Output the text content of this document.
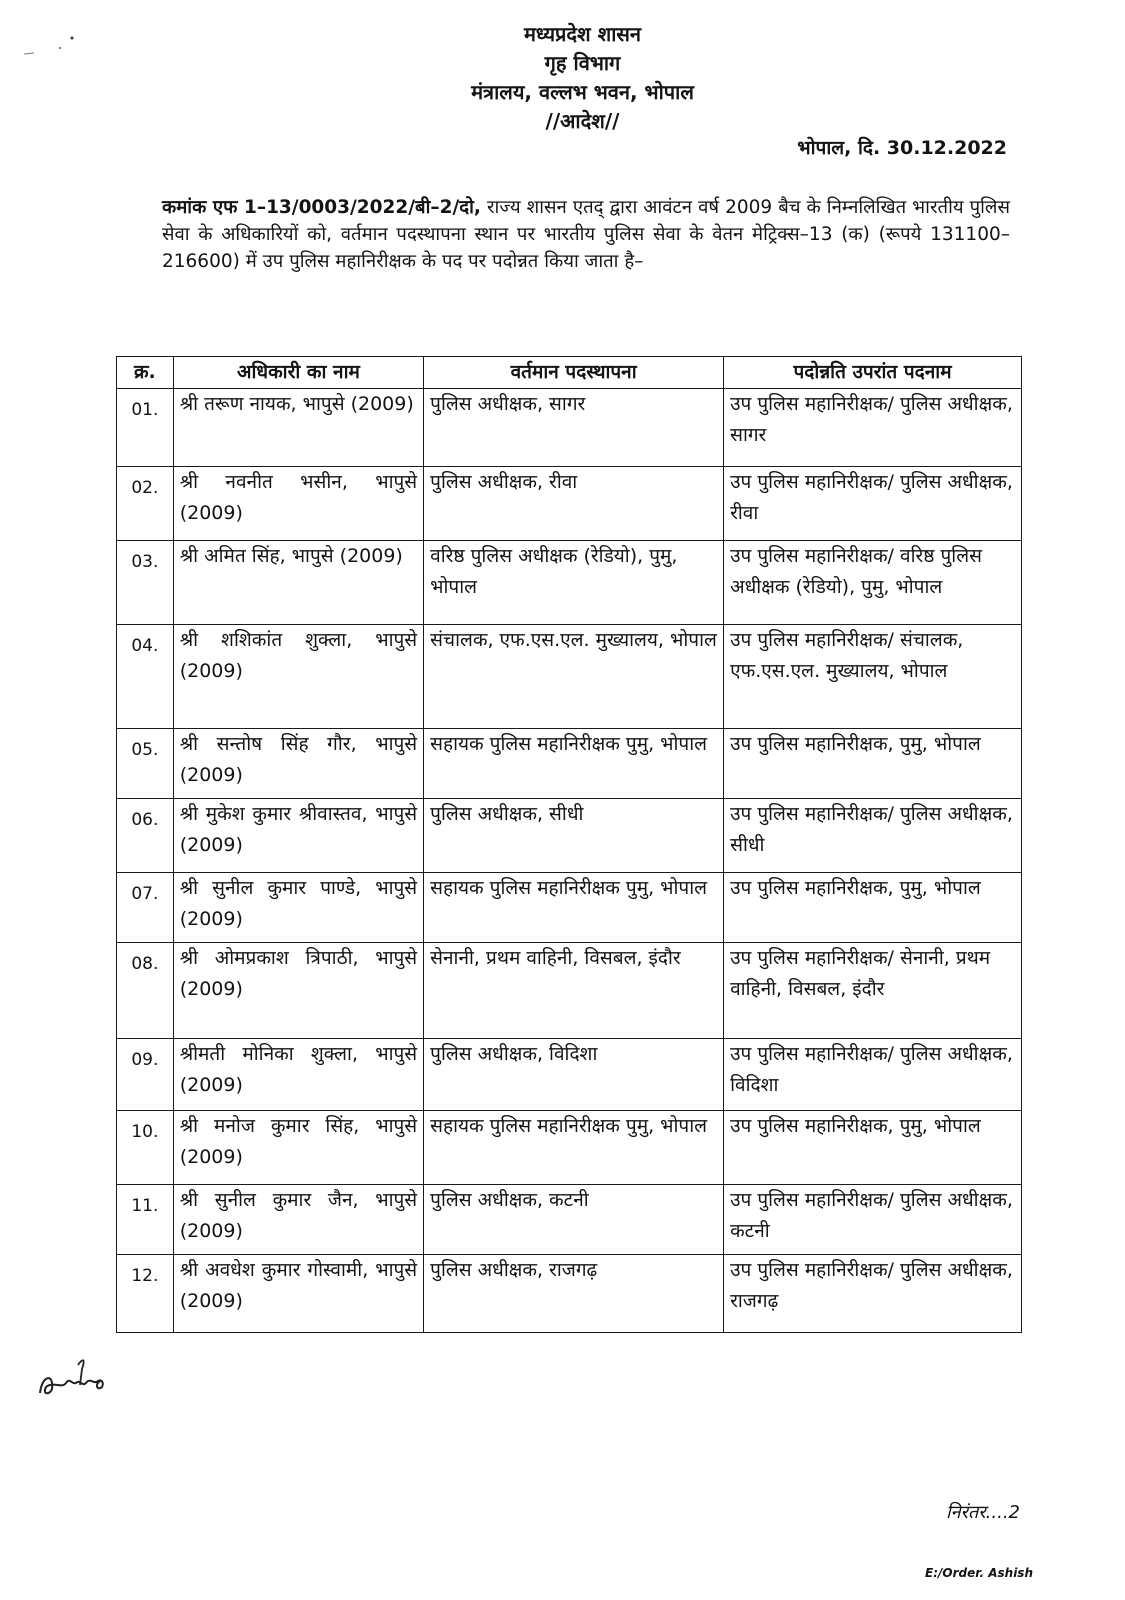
मध्यप्रदेश शासन
गृह विभाग
मंत्रालय, वल्लभ भवन, भोपाल
//आदेश//
भोपाल, दि. 30.12.2022
कमांक एफ 1–13/0003/2022/बी–2/दो, राज्य शासन एतद् द्वारा आवंटन वर्ष 2009 बैच के निम्नलिखित भारतीय पुलिस सेवा के अधिकारियों को, वर्तमान पदस्थापना स्थान पर भारतीय पुलिस सेवा के वेतन मेट्रिक्स–13 (क) (रूपये 131100–216600) में उप पुलिस महानिरीक्षक के पद पर पदोन्नत किया जाता है–
क्र.	अधिकारी का नाम	वर्तमान पदस्थापना	पदोन्नति उपरांत पदनाम
01.	श्री तरूण नायक, भापुसे (2009)	पुलिस अधीक्षक, सागर	उप पुलिस महानिरीक्षक/ पुलिस अधीक्षक, सागर
02.	श्री नवनीत भसीन, भापुसे (2009)	पुलिस अधीक्षक, रीवा	उप पुलिस महानिरीक्षक/ पुलिस अधीक्षक, रीवा
03.	श्री अमित सिंह, भापुसे (2009)	वरिष्ठ पुलिस अधीक्षक (रेडियो), पुमु, भोपाल	उप पुलिस महानिरीक्षक/ वरिष्ठ पुलिस अधीक्षक (रेडियो), पुमु, भोपाल
04.	श्री शशिकांत शुक्ला, भापुसे (2009)	संचालक, एफ.एस.एल. मुख्यालय, भोपाल	उप पुलिस महानिरीक्षक/ संचालक, एफ.एस.एल. मुख्यालय, भोपाल
05.	श्री सन्तोष सिंह गौर, भापुसे (2009)	सहायक पुलिस महानिरीक्षक पुमु, भोपाल	उप पुलिस महानिरीक्षक, पुमु, भोपाल
06.	श्री मुकेश कुमार श्रीवास्तव, भापुसे (2009)	पुलिस अधीक्षक, सीधी	उप पुलिस महानिरीक्षक/ पुलिस अधीक्षक, सीधी
07.	श्री सुनील कुमार पाण्डे, भापुसे (2009)	सहायक पुलिस महानिरीक्षक पुमु, भोपाल	उप पुलिस महानिरीक्षक, पुमु, भोपाल
08.	श्री ओमप्रकाश त्रिपाठी, भापुसे (2009)	सेनानी, प्रथम वाहिनी, विसबल, इंदौर	उप पुलिस महानिरीक्षक/ सेनानी, प्रथम वाहिनी, विसबल, इंदौर
09.	श्रीमती मोनिका शुक्ला, भापुसे (2009)	पुलिस अधीक्षक, विदिशा	उप पुलिस महानिरीक्षक/ पुलिस अधीक्षक, विदिशा
10.	श्री मनोज कुमार सिंह, भापुसे (2009)	सहायक पुलिस महानिरीक्षक पुमु, भोपाल	उप पुलिस महानिरीक्षक, पुमु, भोपाल
11.	श्री सुनील कुमार जैन, भापुसे (2009)	पुलिस अधीक्षक, कटनी	उप पुलिस महानिरीक्षक/ पुलिस अधीक्षक, कटनी
12.	श्री अवधेश कुमार गोस्वामी, भापुसे (2009)	पुलिस अधीक्षक, राजगढ़	उप पुलिस महानिरीक्षक/ पुलिस अधीक्षक, राजगढ़
निरंतर....2
E:/Order. Ashish
